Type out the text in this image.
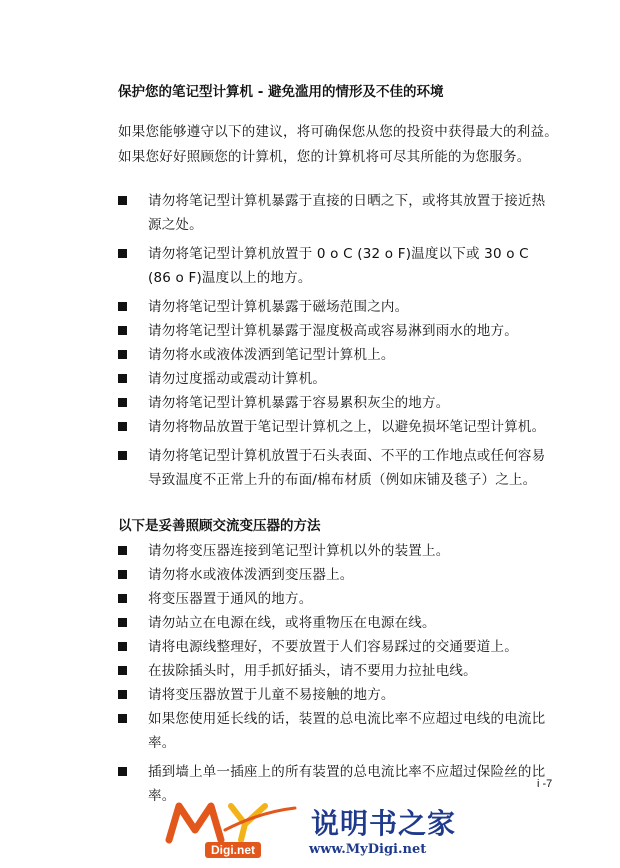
保护您的笔记型计算机 - 避免滥用的情形及不佳的环境
如果您能够遵守以下的建议，将可确保您从您的投资中获得最大的利益。如果您好好照顾您的计算机，您的计算机将可尽其所能的为您服务。
请勿将笔记型计算机暴露于直接的日晒之下，或将其放置于接近热源之处。
请勿将笔记型计算机放置于 0 o C (32 o F)温度以下或 30 o C (86 o F)温度以上的地方。
请勿将笔记型计算机暴露于磁场范围之内。
请勿将笔记型计算机暴露于湿度极高或容易淋到雨水的地方。
请勿将水或液体泼洒到笔记型计算机上。
请勿过度摇动或震动计算机。
请勿将笔记型计算机暴露于容易累积灰尘的地方。
请勿将物品放置于笔记型计算机之上，以避免损坏笔记型计算机。
请勿将笔记型计算机放置于石头表面、不平的工作地点或任何容易导致温度不正常上升的布面/棉布材质（例如床铺及毯子）之上。
以下是妥善照顾交流变压器的方法
请勿将变压器连接到笔记型计算机以外的装置上。
请勿将水或液体泼洒到变压器上。
将变压器置于通风的地方。
请勿站立在电源在线，或将重物压在电源在线。
请将电源线整理好，不要放置于人们容易踩过的交通要道上。
在拔除插头时，用手抓好插头，请不要用力拉扯电线。
请将变压器放置于儿童不易接触的地方。
如果您使用延长线的话，装置的总电流比率不应超过电线的电流比率。
插到墙上单一插座上的所有装置的总电流比率不应超过保险丝的比率。
i -7
Digi.net
说明书之家
www.MyDigi.net
